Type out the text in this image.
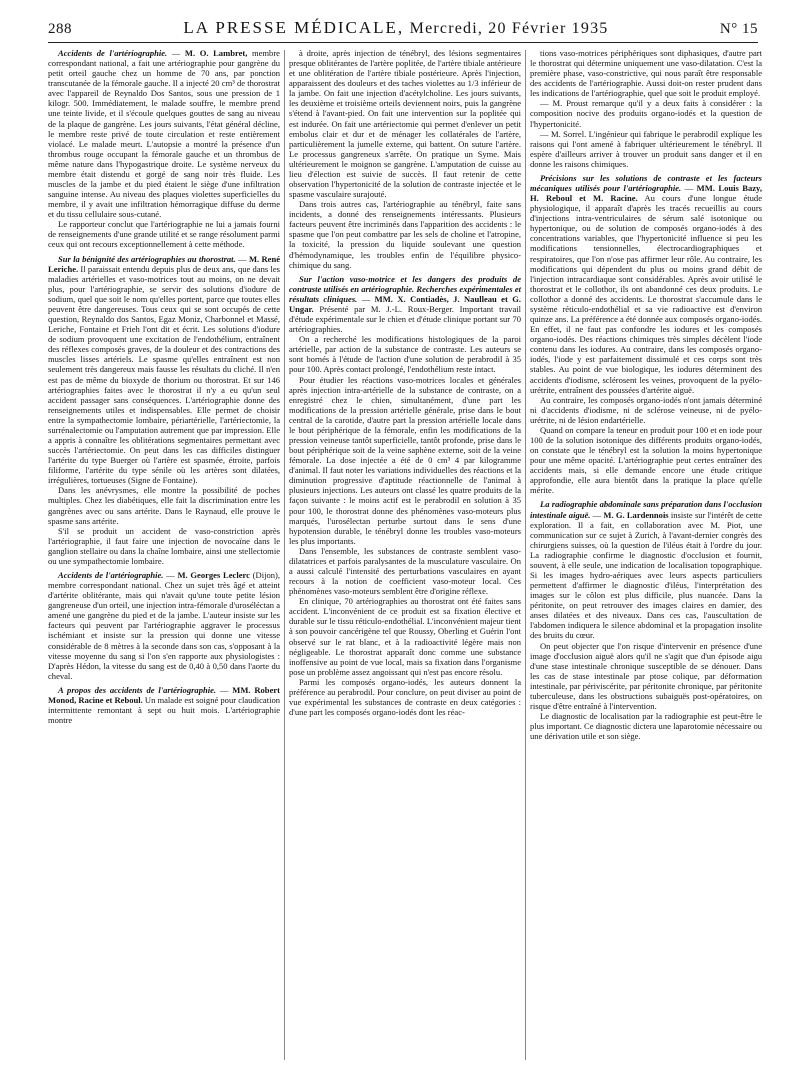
288	LA PRESSE MÉDICALE, Mercredi, 20 Février 1935	N° 15

Accidents de l'artériographie. — M. O. Lambret, membre correspondant national, a fait une artériographie pour gangrène du petit orteil gauche chez un homme de 70 ans, par ponction transcutanée de la fémorale gauche. Il a injecté 20 cm³ de thorostrat avec l'appareil de Reynaldo Dos Santos, sous une pression de 1 kilogr. 500. Immédiatement, le malade souffre, le membre prend une teinte livide, et il s'écoule quelques gouttes de sang au niveau de la plaque de gangrène. Les jours suivants, l'état général décline, le membre reste privé de toute circulation et reste entièrement violacé. Le malade meurt. L'autopsie a montré la présence d'un thrombus rouge occupant la fémorale gauche et un thrombus de même nature dans l'hypogastrique droite. Le système nerveux du membre était distendu et gorgé de sang noir très fluide. Les muscles de la jambe et du pied étaient le siège d'une infiltration sanguine intense. Au niveau des plaques violettes superficielles du membre, il y avait une infiltration hémorragique diffuse du derme et du tissu cellulaire sous-cutané.

Le rapporteur conclut que l'artériographie ne lui a jamais fourni de renseignements d'une grande utilité et se range résolument parmi ceux qui ont recours exceptionnellement à cette méthode.

Sur la bénignité des artériographies au thorostrat. — M. René Leriche. Il paraissait entendu depuis plus de deux ans, que dans les maladies artérielles et vaso-motrices tout au moins, on ne devait plus, pour l'artériographie, se servir des solutions d'iodure de sodium, quel que soit le nom qu'elles portent, parce que toutes elles peuvent être dangereuses. Tous ceux qui se sont occupés de cette question, Reynaldo dos Santos, Egaz Moniz, Charbonnel et Massé, Leriche, Fontaine et Frieh l'ont dit et écrit. Les solutions d'iodure de sodium provoquent une excitation de l'endothélium, entraînent des réflexes composés graves, de la douleur et des contractions des muscles lisses artériels. Le spasme qu'elles entraînent est non seulement très dangereux mais fausse les résultats du cliché. Il n'en est pas de même du bioxyde de thorium ou thorostrat. Et sur 146 artériographies faites avec le thorostrat il n'y a eu qu'un seul accident passager sans conséquences. L'artériographie donne des renseignements utiles et indispensables. Elle permet de choisir entre la sympathectomie lombaire, périartérielle, l'artériectomie, la surrénalectomie ou l'amputation autrement que par impression. Elle a appris à connaître les oblitérations segmentaires permettant avec succès l'artériectomie. On peut dans les cas difficiles distinguer l'artérite du type Buerger où l'artère est spasmée, étroite, parfois filiforme, l'artérite du type sénile où les artères sont dilatées, irrégulières, tortueuses (Signe de Fontaine).

Dans les anévrysmes, elle montre la possibilité de poches multiples. Chez les diabétiques, elle fait la discrimination entre les gangrènes avec ou sans artérite. Dans le Raynaud, elle prouve le spasme sans artérite.

S'il se produit un accident de vaso-constriction après l'artériographie, il faut faire une injection de novocaïne dans le ganglion stellaire ou dans la chaîne lombaire, ainsi une stellectomie ou une sympathectomie lombaire.

Accidents de l'artériographie. — M. Georges Leclerc (Dijon), membre correspondant national. Chez un sujet très âgé et atteint d'artérite oblitérante, mais qui n'avait qu'une toute petite lésion gangreneuse d'un orteil, une injection intra-fémorale d'uroséléctan a amené une gangrène du pied et de la jambe. L'auteur insiste sur les facteurs qui peuvent par l'artériographie aggraver le processus ischémiant et insiste sur la pression qui donne une vitesse considérable de 8 mètres à la seconde dans son cas, s'opposant à la vitesse moyenne du sang si l'on s'en rapporte aux physiologistes : D'après Hédon, la vitesse du sang est de 0,40 à 0,50 dans l'aorte du cheval.

A propos des accidents de l'artériographie. — MM. Robert Monod, Racine et Reboul. Un malade est soigné pour claudication intermittente remontant à sept ou huit mois. L'artériographie montre

à droite, après injection de ténébryl, des lésions segmentaires presque oblitérantes de l'artère poplitée, de l'artère tibiale antérieure et une oblitération de l'artère tibiale postérieure. Après l'injection, apparaissent des douleurs et des taches violettes au 1/3 inférieur de la jambe. On fait une injection d'acétylcholine. Les jours suivants, les deuxième et troisième orteils deviennent noirs, puis la gangrène s'étend à l'avant-pied. On fait une intervention sur la poplitée qui est indurée. On fait une artériectomie qui permet d'enlever un petit embolus clair et dur et de ménager les collatérales de l'artère, particulièrement la jumelle externe, qui battent. On suture l'artère. Le processus gangreneux s'arrête. On pratique un Syme. Mais ultérieurement le moignon se gangrène. L'amputation de cuisse au lieu d'élection est suivie de succès. Il faut retenir de cette observation l'hypertonicité de la solution de contraste injectée et le spasme vasculaire surajouté.

Dans trois autres cas, l'artériographie au ténébryl, faite sans incidents, a donné des renseignements intéressants. Plusieurs facteurs peuvent être incriminés dans l'apparition des accidents : le spasme que l'on peut combattre par les sels de choline et l'atropine, la toxicité, la pression du liquide soulevant une question d'hémodynamique, les troubles enfin de l'équilibre physico-chimique du sang.

Sur l'action vaso-motrice et les dangers des produits de contraste utilisés en artériographie. Recherches expérimentales et résultats cliniques. — MM. X. Contiadès, J. Naulleau et G. Ungar. Présenté par M. J.-L. Roux-Berger. Important travail d'étude expérimentale sur le chien et d'étude clinique portant sur 70 artériographies.

On a recherché les modifications histologiques de la paroi artérielle, par action de la substance de contraste. Les auteurs se sont bornés à l'étude de l'action d'une solution de perabrodil à 35 pour 100. Après contact prolongé, l'endothélium reste intact.

Pour étudier les réactions vaso-motrices locales et générales après injection intra-artérielle de la substance de contraste, on a enregistré chez le chien, simultanément, d'une part les modifications de la pression artérielle générale, prise dans le bout central de la carotide, d'autre part la pression artérielle locale dans le bout périphérique de la fémorale, enfin les modifications de la pression veineuse tantôt superficielle, tantôt profonde, prise dans le bout périphérique soit de la veine saphène externe, soit de la veine fémorale. La dose injectée a été de 0 cm³ 4 par kilogramme d'animal. Il faut noter les variations individuelles des réactions et la diminution progressive d'aptitude réactionnelle de l'animal à plusieurs injections. Les auteurs ont classé les quatre produits de la façon suivante : le moins actif est le perabrodil en solution à 35 pour 100, le thorostrat donne des phénomènes vaso-moteurs plus marqués, l'urosélectan perturbe surtout dans le sens d'une hypotension durable, le ténébryl donne les troubles vaso-moteurs les plus importants.

Dans l'ensemble, les substances de contraste semblent vaso-dilatatrices et parfois paralysantes de la musculature vasculaire. On a aussi calculé l'intensité des perturbations vasculaires en ayant recours à la notion de coefficient vaso-moteur local. Ces phénomènes vaso-moteurs semblent être d'origine réflexe.

En clinique, 70 artériographies au thorostrat ont été faites sans accident. L'inconvénient de ce produit est sa fixation élective et durable sur le tissu réticulo-endothélial. L'inconvénient majeur tient à son pouvoir cancérigène tel que Roussy, Oberling et Guérin l'ont observé sur le rat blanc, et à la radioactivité légère mais non négligeable. Le thorostrat apparaît donc comme une substance inoffensive au point de vue local, mais sa fixation dans l'organisme pose un problème assez angoissant qui n'est pas encore résolu.

Parmi les composés organo-iodés, les auteurs donnent la préférence au perabrodil. Pour conclure, on peut diviser au point de vue expérimental les substances de contraste en deux catégories : d'une part les composés organo-iodés dont les réac-

tions vaso-motrices périphériques sont diphasiques, d'autre part le thorostrat qui détermine uniquement une vaso-dilatation. C'est la première phase, vaso-constrictive, qui nous paraît être responsable des accidents de l'artériographie. Aussi doit-on rester prudent dans les indications de l'artériographie, quel que soit le produit employé.

— M. Proust remarque qu'il y a deux faits à considérer : la composition nocive des produits organo-iodés et la question de l'hypertonicité.

— M. Sorrel. L'ingénieur qui fabrique le perabrodil explique les raisons qui l'ont amené à fabriquer ultérieurement le ténébryl. Il espère d'ailleurs arriver à trouver un produit sans danger et il en donne les raisons chimiques.

Précisions sur les solutions de contraste et les facteurs mécaniques utilisés pour l'artériographie. — MM. Louis Bazy, H. Reboul et M. Racine. Au cours d'une longue étude physiologique, il apparaît d'après les tracés recueillis au cours d'injections intra-ventriculaires de sérum salé isotonique ou hypertonique, ou de solution de composés organo-iodés à des concentrations variables, que l'hypertonicité influence si peu les modifications tensionnelles, électrocardiographiques et respiratoires, que l'on n'ose pas affirmer leur rôle. Au contraire, les modifications qui dépendent du plus ou moins grand débit de l'injection intracardiaque sont considérables. Après avoir utilisé le thorostrat et le collothor, ils ont abandonné ces deux produits. Le collothor a donné des accidents. Le thorostrat s'accumule dans le système réticulo-endothélial et sa vie radioactive est d'environ quinze ans. La préférence a été donnée aux composés organo-iodés. En effet, il ne faut pas confondre les iodures et les composés organo-iodés. Des réactions chimiques très simples décèlent l'iode contenu dans les iodures. Au contraire, dans les composés organo-iodés, l'iode y est parfaitement dissimulé et ces corps sont très stables. Au point de vue biologique, les iodures déterminent des accidents d'iodisme, sclérosent les veines, provoquent de la pyélo-urétrite, entraînent des poussées d'artérite aiguë.

Au contraire, les composés organo-iodés n'ont jamais déterminé ni d'accidents d'iodisme, ni de sclérose veineuse, ni de pyélo-urétrite, ni de lésion endartérielle.

Quand on compare la teneur en produit pour 100 et en iode pour 100 de la solution isotonique des différents produits organo-iodés, on constate que le ténébryl est la solution la moins hypertonique pour une même opacité. L'artériographie peut certes entraîner des accidents mais, si elle demande encore une étude critique approfondie, elle aura bientôt dans la pratique la place qu'elle mérite.

La radiographie abdominale sans préparation dans l'occlusion intestinale aiguë. — M. G. Lardennois insiste sur l'intérêt de cette exploration. Il a fait, en collaboration avec M. Piot, une communication sur ce sujet à Zurich, à l'avant-dernier congrès des chirurgiens suisses, où la question de l'iléus était à l'ordre du jour. La radiographie confirme le diagnostic d'occlusion et fournit, souvent, à elle seule, une indication de localisation topographique. Si les images hydro-aériques avec leurs aspects particuliers permettent d'affirmer le diagnostic d'iléus, l'interprétation des images sur le côlon est plus difficile, plus nuancée. Dans la péritonite, on peut retrouver des images claires en damier, des anses dilatées et des niveaux. Dans ces cas, l'auscultation de l'abdomen indiquera le silence abdominal et la propagation insolite des bruits du cœur.

On peut objecter que l'on risque d'intervenir en présence d'une image d'occlusion aiguë alors qu'il ne s'agit que d'un épisode aigu d'une stase intestinale chronique susceptible de se dénouer. Dans les cas de stase intestinale par ptose colique, par déformation intestinale, par périviscérite, par péritonite chronique, par péritonite tuberculeuse, dans les obstructions subaiguës post-opératoires, on risque d'être entraîné à l'intervention.

Le diagnostic de localisation par la radiographie est peut-être le plus important. Ce diagnostic dictera une laparotomie nécessaire ou une dérivation utile et son siège.
